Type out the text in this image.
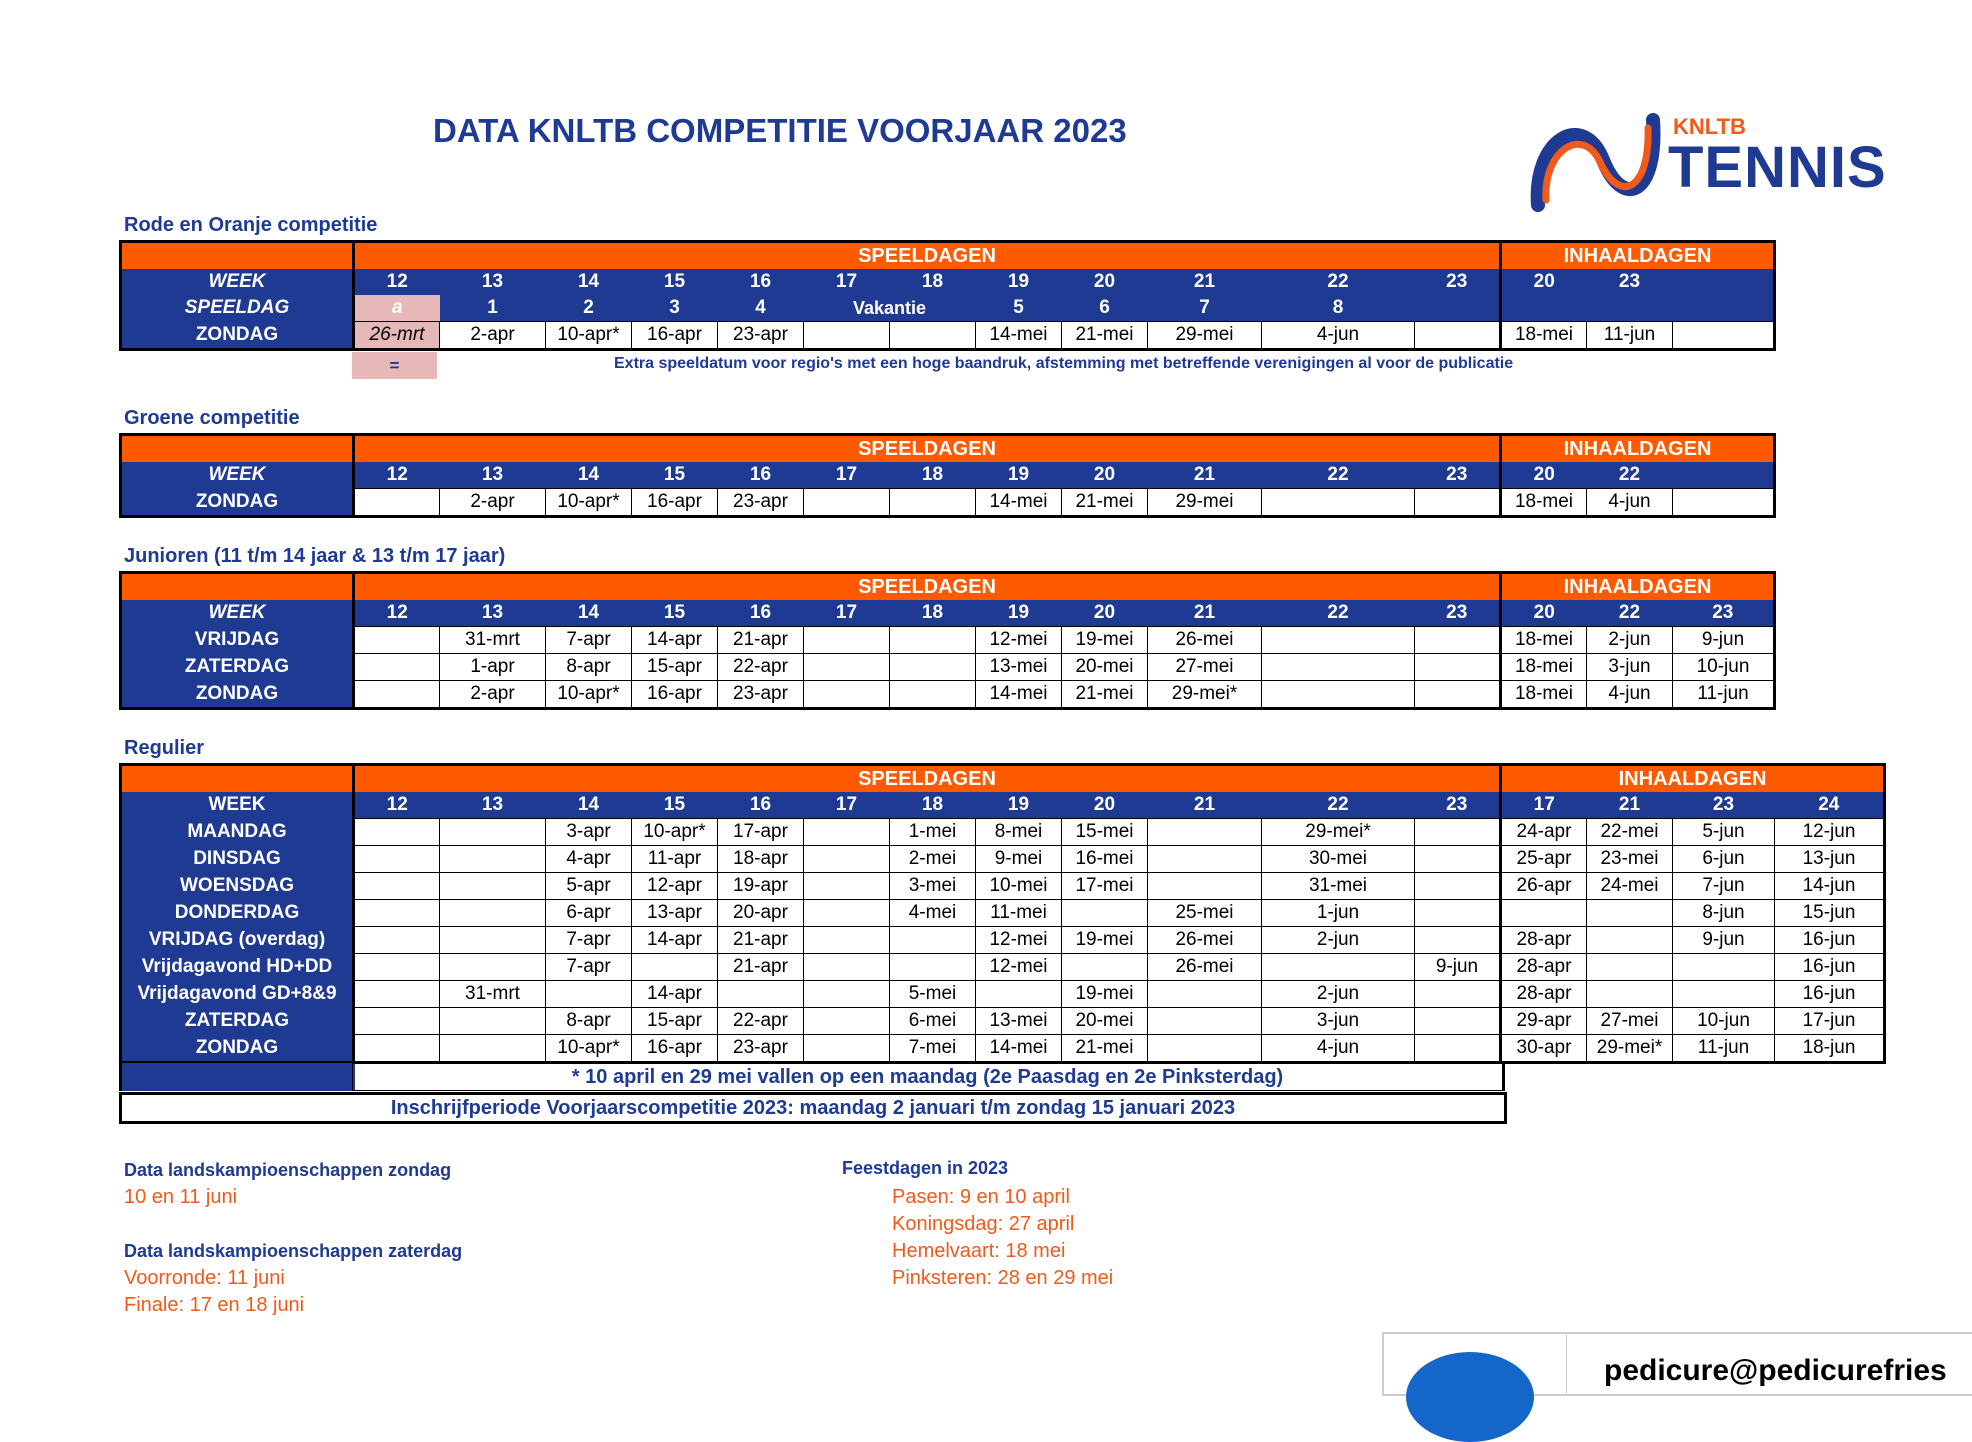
DATA KNLTB COMPETITIE VOORJAAR 2023	KNLTB
TENNIS
Rode en Oranje competitie
	SPEELDAGEN												INHAALDAGEN		
WEEK	12	13	14	15	16	17	18	19	20	21	22	23	20	23	
SPEELDAG	a	1	2	3	4	Vakantie		5	6	7	8				
ZONDAG	26-mrt	2-apr	10-apr*	16-apr	23-apr			14-mei	21-mei	29-mei	4-jun		18-mei	11-jun	
=	Extra speeldatum voor regio's met een hoge baandruk, afstemming met betreffende verenigingen al voor de publicatie
Groene competitie
	SPEELDAGEN												INHAALDAGEN		
WEEK	12	13	14	15	16	17	18	19	20	21	22	23	20	22	
ZONDAG		2-apr	10-apr*	16-apr	23-apr			14-mei	21-mei	29-mei			18-mei	4-jun	
Junioren (11 t/m 14 jaar & 13 t/m 17 jaar)
	SPEELDAGEN												INHAALDAGEN		
WEEK	12	13	14	15	16	17	18	19	20	21	22	23	20	22	23
VRIJDAG		31-mrt	7-apr	14-apr	21-apr			12-mei	19-mei	26-mei			18-mei	2-jun	9-jun
ZATERDAG		1-apr	8-apr	15-apr	22-apr			13-mei	20-mei	27-mei			18-mei	3-jun	10-jun
ZONDAG		2-apr	10-apr*	16-apr	23-apr			14-mei	21-mei	29-mei*			18-mei	4-jun	11-jun
Regulier
	SPEELDAGEN												INHAALDAGEN			
WEEK	12	13	14	15	16	17	18	19	20	21	22	23	17	21	23	24
MAANDAG			3-apr	10-apr*	17-apr		1-mei	8-mei	15-mei		29-mei*		24-apr	22-mei	5-jun	12-jun
DINSDAG			4-apr	11-apr	18-apr		2-mei	9-mei	16-mei		30-mei		25-apr	23-mei	6-jun	13-jun
WOENSDAG			5-apr	12-apr	19-apr		3-mei	10-mei	17-mei		31-mei		26-apr	24-mei	7-jun	14-jun
DONDERDAG			6-apr	13-apr	20-apr		4-mei	11-mei		25-mei	1-jun				8-jun	15-jun
VRIJDAG (overdag)			7-apr	14-apr	21-apr			12-mei	19-mei	26-mei	2-jun		28-apr		9-jun	16-jun
Vrijdagavond HD+DD			7-apr		21-apr			12-mei		26-mei		9-jun	28-apr			16-jun
Vrijdagavond GD+8&9		31-mrt		14-apr			5-mei		19-mei		2-jun		28-apr			16-jun
ZATERDAG			8-apr	15-apr	22-apr		6-mei	13-mei	20-mei		3-jun		29-apr	27-mei	10-jun	17-jun
ZONDAG			10-apr*	16-apr	23-apr		7-mei	14-mei	21-mei		4-jun		30-apr	29-mei*	11-jun	18-jun
* 10 april en 29 mei vallen op een maandag (2e Paasdag en 2e Pinksterdag)
Inschrijfperiode Voorjaarscompetitie 2023: maandag 2 januari t/m zondag 15 januari 2023
Data landskampioenschappen zondag
10 en 11 juni
Data landskampioenschappen zaterdag
Voorronde: 11 juni
Finale: 17 en 18 juni
Feestdagen in 2023
Pasen: 9 en 10 april
Koningsdag: 27 april
Hemelvaart: 18 mei
Pinksteren: 28 en 29 mei
pedicure@pedicurefries
